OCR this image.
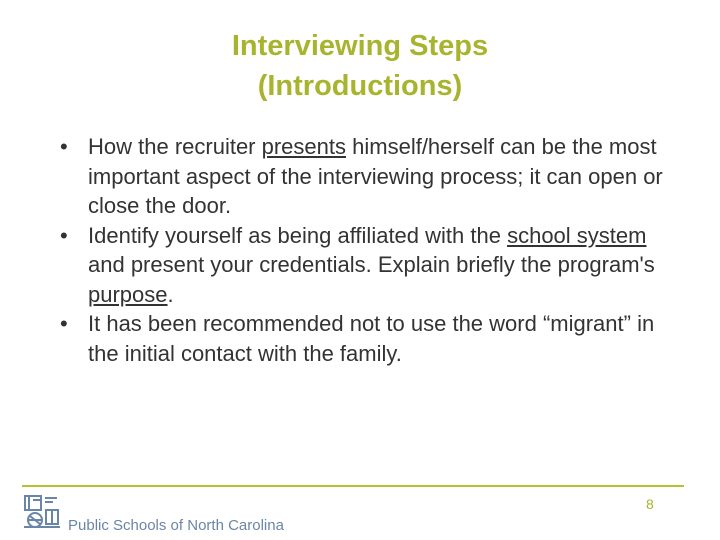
Interviewing Steps
(Introductions)
• How the recruiter presents himself/herself can be the most important aspect of the interviewing process; it can open or close the door.
• Identify yourself as being affiliated with the school system and present your credentials. Explain briefly the program's purpose.
• It has been recommended not to use the word “migrant” in the initial contact with the family.
8
Public Schools of North Carolina
